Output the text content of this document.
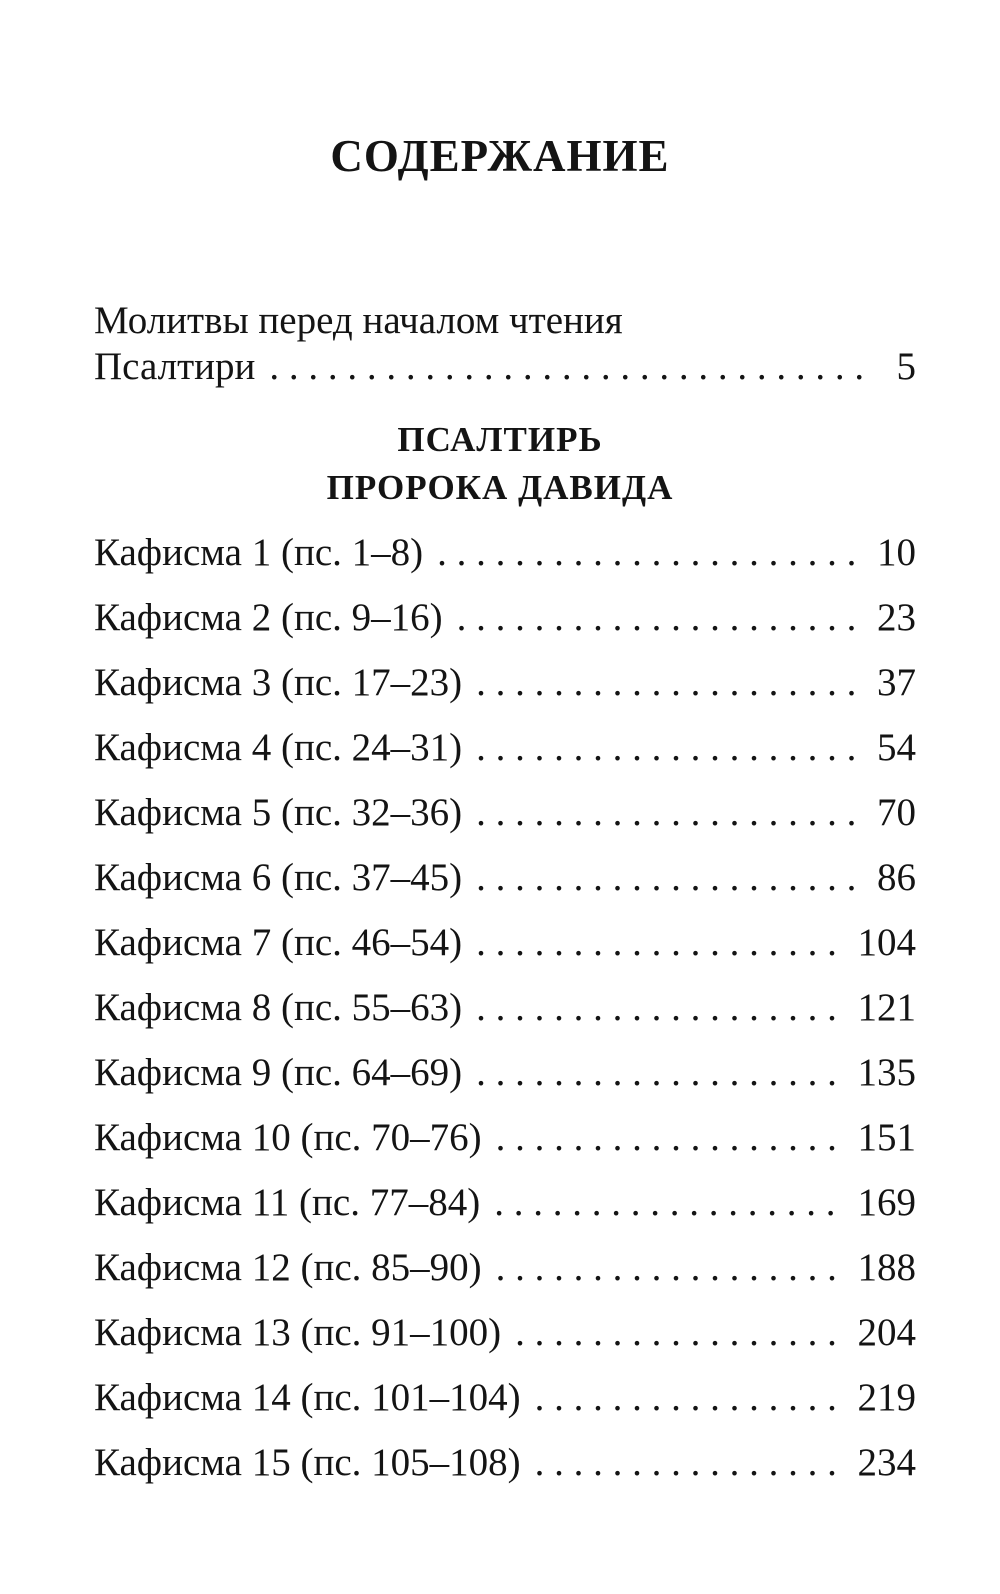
СОДЕРЖАНИЕ
Молитвы перед началом чтения
Псалтири . . .	5
ПСАЛТИРЬ
ПРОРОКА ДАВИДА
Кафисма 1 (пс. 1–8) . . .	10
Кафисма 2 (пс. 9–16) . . .	23
Кафисма 3 (пс. 17–23) . . .	37
Кафисма 4 (пс. 24–31) . . .	54
Кафисма 5 (пс. 32–36) . . .	70
Кафисма 6 (пс. 37–45) . . .	86
Кафисма 7 (пс. 46–54) . . .	104
Кафисма 8 (пс. 55–63) . . .	121
Кафисма 9 (пс. 64–69) . . .	135
Кафисма 10 (пс. 70–76) . . .	151
Кафисма 11 (пс. 77–84) . . .	169
Кафисма 12 (пс. 85–90) . . .	188
Кафисма 13 (пс. 91–100) . . .	204
Кафисма 14 (пс. 101–104) . . .	219
Кафисма 15 (пс. 105–108) . . .	234
